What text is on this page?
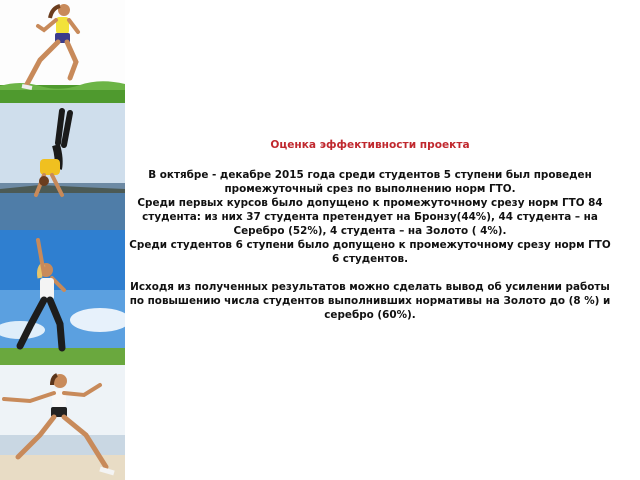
Оценка эффективности проекта

В октябре - декабре 2015 года среди студентов 5 ступени был проведен промежуточный срез по выполнению норм ГТО.

Среди первых курсов было допущено к промежуточному срезу норм ГТО 84 студента: из них 37 студента претендует на Бронзу(44%), 44 студента – на Серебро (52%), 4 студента – на Золото ( 4%).

Среди студентов 6 ступени было допущено к промежуточному срезу норм ГТО 6 студентов.

Исходя из полученных результатов можно сделать вывод об усилении работы по повышению числа студентов выполнивших нормативы на Золото до (8 %) и серебро (60%).
